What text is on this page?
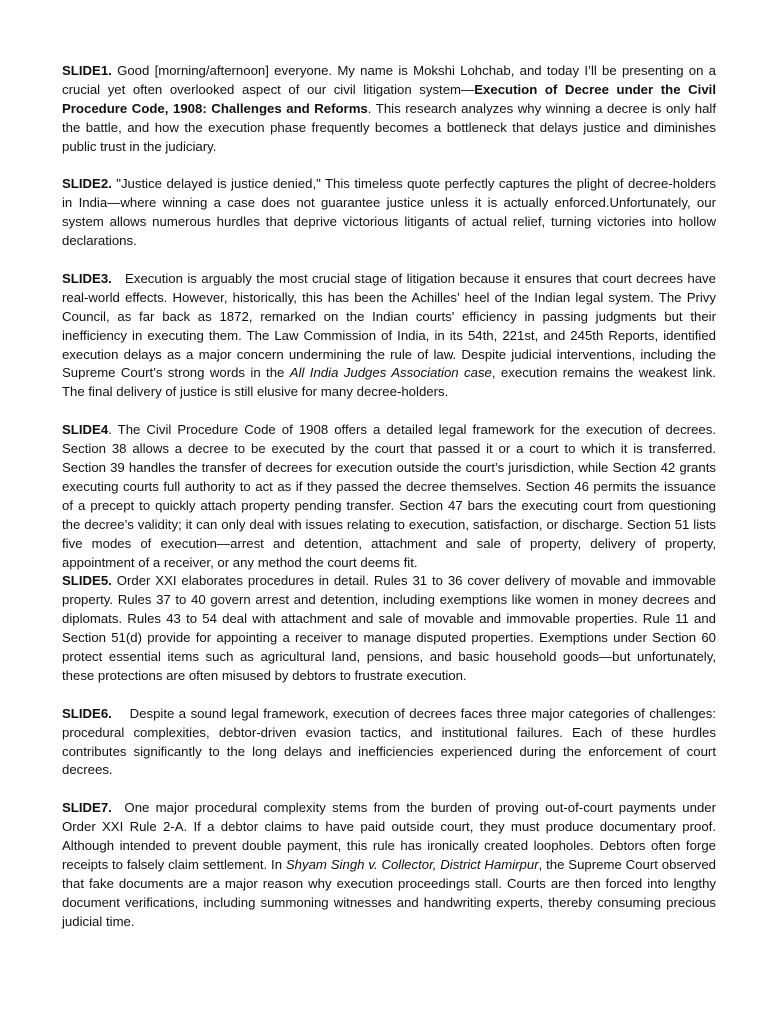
SLIDE1. Good [morning/afternoon] everyone. My name is Mokshi Lohchab, and today I’ll be presenting on a crucial yet often overlooked aspect of our civil litigation system—Execution of Decree under the Civil Procedure Code, 1908: Challenges and Reforms. This research analyzes why winning a decree is only half the battle, and how the execution phase frequently becomes a bottleneck that delays justice and diminishes public trust in the judiciary.

SLIDE2. "Justice delayed is justice denied," This timeless quote perfectly captures the plight of decree-holders in India—where winning a case does not guarantee justice unless it is actually enforced.Unfortunately, our system allows numerous hurdles that deprive victorious litigants of actual relief, turning victories into hollow declarations.

SLIDE3.   Execution is arguably the most crucial stage of litigation because it ensures that court decrees have real-world effects. However, historically, this has been the Achilles’ heel of the Indian legal system. The Privy Council, as far back as 1872, remarked on the Indian courts' efficiency in passing judgments but their inefficiency in executing them. The Law Commission of India, in its 54th, 221st, and 245th Reports, identified execution delays as a major concern undermining the rule of law. Despite judicial interventions, including the Supreme Court’s strong words in the All India Judges Association case, execution remains the weakest link. The final delivery of justice is still elusive for many decree-holders.

SLIDE4. The Civil Procedure Code of 1908 offers a detailed legal framework for the execution of decrees. Section 38 allows a decree to be executed by the court that passed it or a court to which it is transferred. Section 39 handles the transfer of decrees for execution outside the court’s jurisdiction, while Section 42 grants executing courts full authority to act as if they passed the decree themselves. Section 46 permits the issuance of a precept to quickly attach property pending transfer. Section 47 bars the executing court from questioning the decree’s validity; it can only deal with issues relating to execution, satisfaction, or discharge. Section 51 lists five modes of execution—arrest and detention, attachment and sale of property, delivery of property, appointment of a receiver, or any method the court deems fit.

SLIDE5. Order XXI elaborates procedures in detail. Rules 31 to 36 cover delivery of movable and immovable property. Rules 37 to 40 govern arrest and detention, including exemptions like women in money decrees and diplomats. Rules 43 to 54 deal with attachment and sale of movable and immovable properties. Rule 11 and Section 51(d) provide for appointing a receiver to manage disputed properties. Exemptions under Section 60 protect essential items such as agricultural land, pensions, and basic household goods—but unfortunately, these protections are often misused by debtors to frustrate execution.

SLIDE6.    Despite a sound legal framework, execution of decrees faces three major categories of challenges: procedural complexities, debtor-driven evasion tactics, and institutional failures. Each of these hurdles contributes significantly to the long delays and inefficiencies experienced during the enforcement of court decrees.

SLIDE7.  One major procedural complexity stems from the burden of proving out-of-court payments under Order XXI Rule 2-A. If a debtor claims to have paid outside court, they must produce documentary proof. Although intended to prevent double payment, this rule has ironically created loopholes. Debtors often forge receipts to falsely claim settlement. In Shyam Singh v. Collector, District Hamirpur, the Supreme Court observed that fake documents are a major reason why execution proceedings stall. Courts are then forced into lengthy document verifications, including summoning witnesses and handwriting experts, thereby consuming precious judicial time.
